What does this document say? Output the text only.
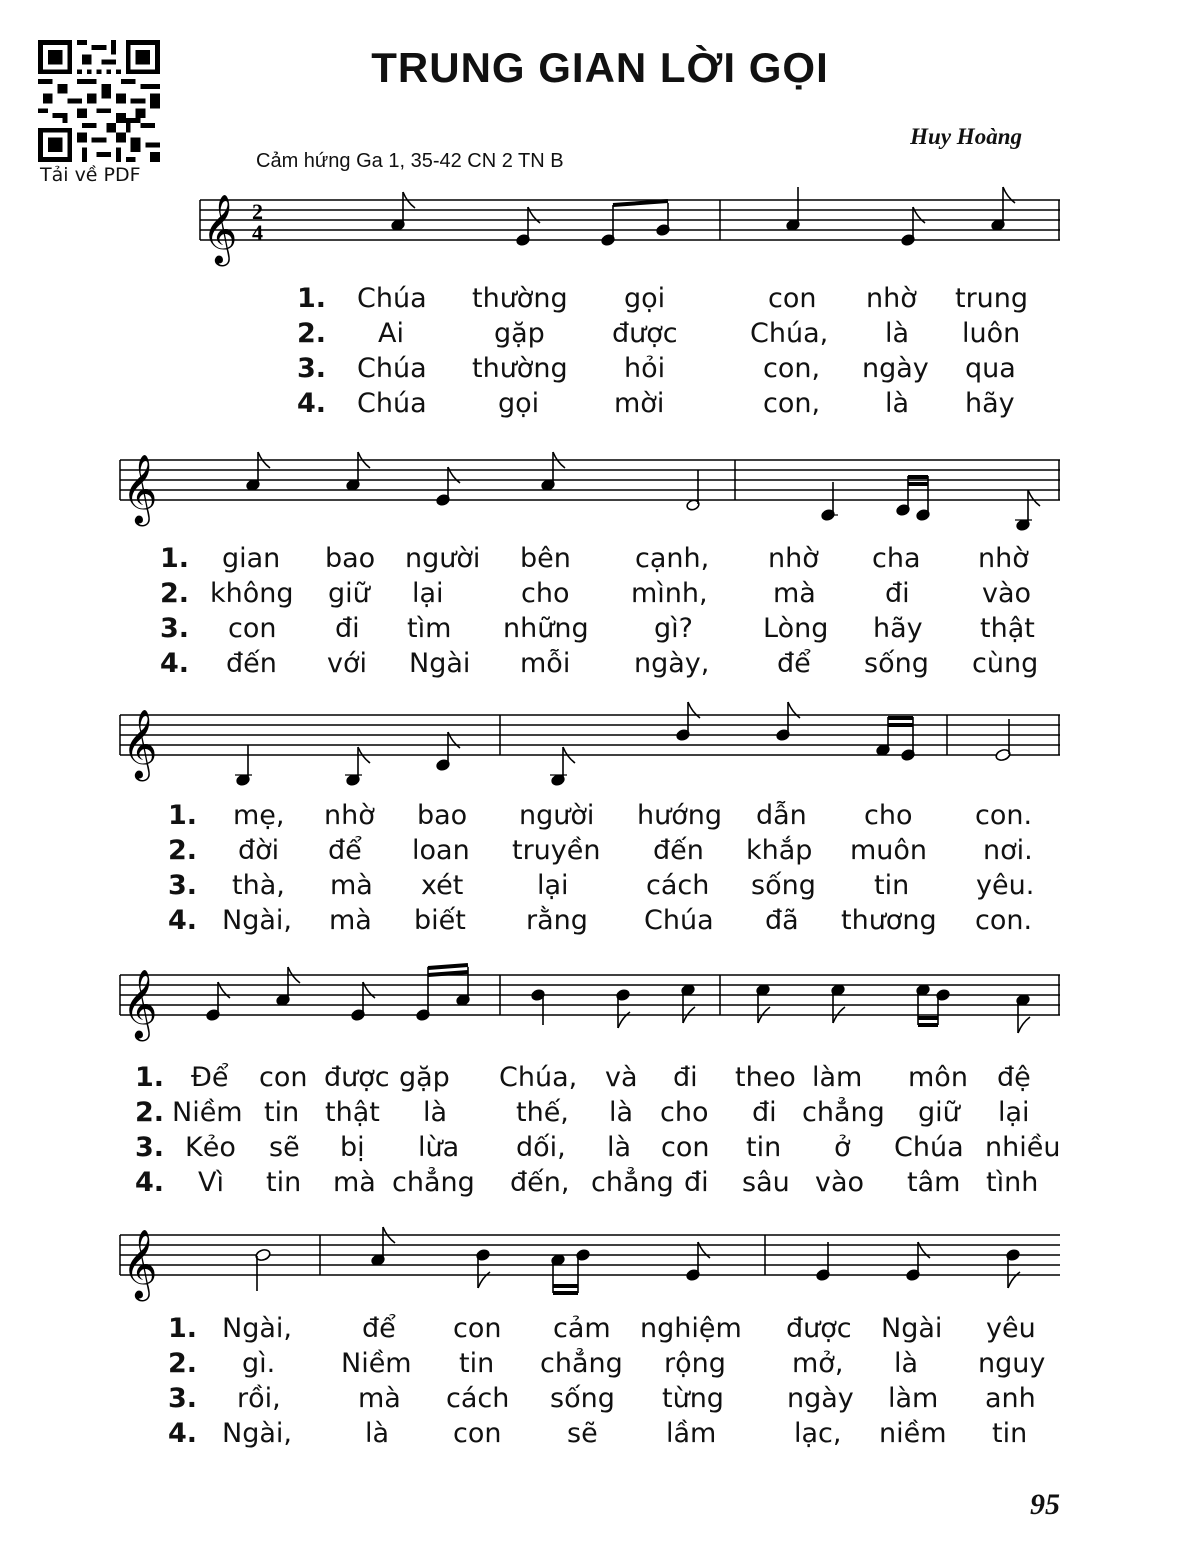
Tải về PDF
TRUNG GIAN LỜI GỌI
Huy Hoàng
Cảm hứng Ga 1, 35-42 CN 2 TN B
𝄞 2
4
1. Chúa thường gọi	con nhờ trung
2. Ai	gặp được	Chúa, là luôn
3. Chúa thường hỏi	con, ngày qua
4. Chúa	gọi	mời	con, là hãy
𝄞
1. gian bao người bên cạnh, nhờ cha nhờ
2. không giữ lại	cho mình, mà	đi	vào
3. con đi tìm những gì?	Lòng hãy thật
4. đến với Ngài mỗi ngày,	để sống cùng
𝄞
1. mẹ, nhờ bao người hướng dẫn cho con.
2. đời để loan truyền đến khắp muôn nơi.
3. thà, mà xét	lại	cách sống tin yêu.
4. Ngài, mà biết rằng Chúa đã thương con.
𝄞
1. Để con được gặp Chúa, và đi theo làm môn đệ
2. Niềm tin thật là	thế, là cho đi chẳng giữ lại
3. Kẻo sẽ bị lừa dối, là con tin ở Chúa nhiều
4. Vì tin mà chẳng đến, chẳng đi sâu vào tâm tình
𝄞
1. Ngài,	để con cảm nghiệm được Ngài yêu
2. gì. Niềm tin chẳng rộng mở, là nguy
3. rồi,	mà cách sống từng ngày làm anh
4. Ngài,	là con sẽ	lầm	lạc, niềm tin
95
